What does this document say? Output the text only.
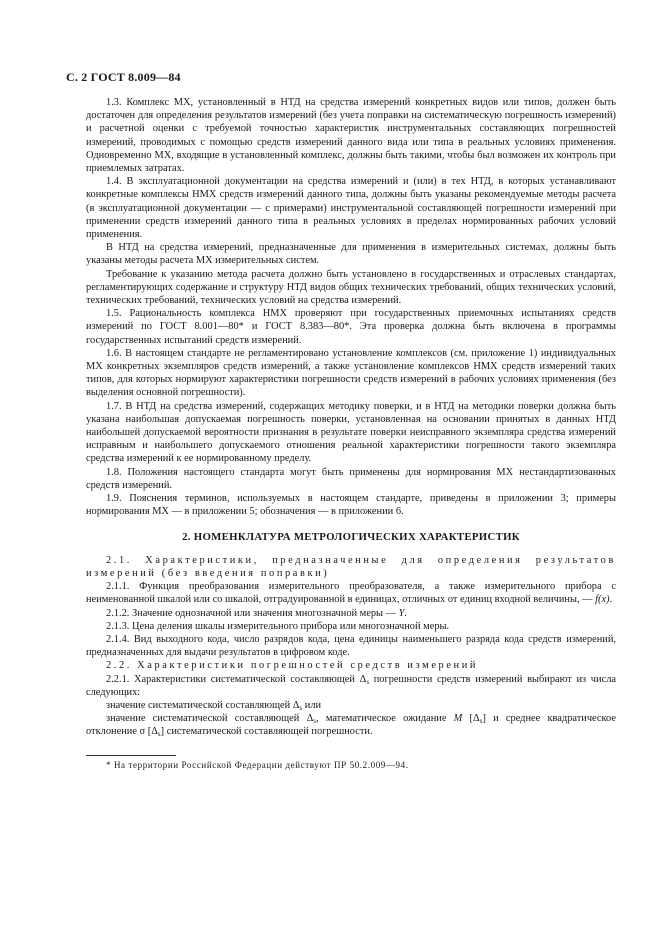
С. 2 ГОСТ 8.009—84

1.3. Комплекс МХ, установленный в НТД на средства измерений конкретных видов или типов, должен быть достаточен для определения результатов измерений (без учета поправки на систематическую погрешность измерений) и расчетной оценки с требуемой точностью характеристик инструментальных составляющих погрешностей измерений, проводимых с помощью средств измерений данного вида или типа в реальных условиях применения. Одновременно МХ, входящие в установленный комплекс, должны быть такими, чтобы был возможен их контроль при приемлемых затратах.

1.4. В эксплуатационной документации на средства измерений и (или) в тех НТД, в которых устанавливают конкретные комплексы НМХ средств измерений данного типа, должны быть указаны рекомендуемые методы расчета (в эксплуатационной документации — с примерами) инструментальной составляющей погрешности измерений при применении средств измерений данного типа в реальных условиях в пределах нормированных рабочих условий применения.

В НТД на средства измерений, предназначенные для применения в измерительных системах, должны быть указаны методы расчета МХ измерительных систем.

Требование к указанию метода расчета должно быть установлено в государственных и отраслевых стандартах, регламентирующих содержание и структуру НТД видов общих технических требований, общих технических условий, технических требований, технических условий на средства измерений.

1.5. Рациональность комплекса НМХ проверяют при государственных приемочных испытаниях средств измерений по ГОСТ 8.001—80* и ГОСТ 8.383—80*. Эта проверка должна быть включена в программы государственных испытаний средств измерений.

1.6. В настоящем стандарте не регламентировано установление комплексов (см. приложение 1) индивидуальных МХ конкретных экземпляров средств измерений, а также установление комплексов НМХ средств измерений таких типов, для которых нормируют характеристики погрешности средств измерений в рабочих условиях применения (без выделения основной погрешности).

1.7. В НТД на средства измерений, содержащих методику поверки, и в НТД на методики поверки должна быть указана наибольшая допускаемая погрешность поверки, установленная на основании принятых в данных НТД наибольшей допускаемой вероятности признания в результате поверки неисправного экземпляра средства измерений исправным и наибольшего допускаемого отношения реальной характеристики погрешности такого экземпляра средства измерений к ее нормированному пределу.

1.8. Положения настоящего стандарта могут быть применены для нормирования МХ нестандартизованных средств измерений.

1.9. Пояснения терминов, используемых в настоящем стандарте, приведены в приложении 3; примеры нормирования МХ — в приложении 5; обозначения — в приложении 6.

2. НОМЕНКЛАТУРА МЕТРОЛОГИЧЕСКИХ ХАРАКТЕРИСТИК

2.1. Характеристики, предназначенные для определения результатов измерений (без введения поправки)

2.1.1. Функция преобразования измерительного преобразователя, а также измерительного прибора с неименованной шкалой или со шкалой, отградуированной в единицах, отличных от единиц входной величины, — f(x).

2.1.2. Значение однозначной или значения многозначной меры — Y.

2.1.3. Цена деления шкалы измерительного прибора или многозначной меры.

2.1.4. Вид выходного кода, число разрядов кода, цена единицы наименьшего разряда кода средств измерений, предназначенных для выдачи результатов в цифровом коде.

2.2. Характеристики погрешностей средств измерений

2.2.1. Характеристики систематической составляющей $\Delta_s$ погрешности средств измерений выбирают из числа следующих:

значение систематической составляющей $\Delta_s$ или

значение систематической составляющей $\Delta_s$, математическое ожидание M $[\Delta_s]$ и среднее квадратическое отклонение σ $[\Delta_s]$ систематической составляющей погрешности.

* На территории Российской Федерации действуют ПР 50.2.009—94.
